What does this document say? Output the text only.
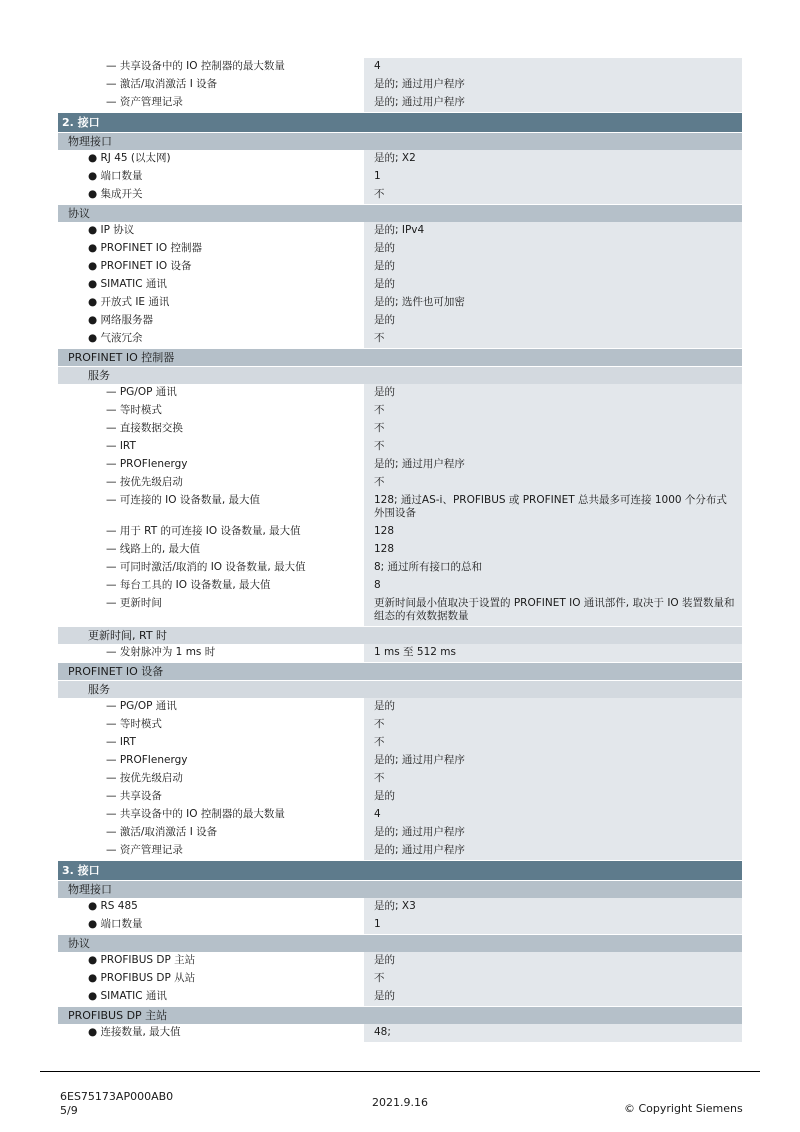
— 共享设备中的 IO 控制器的最大数量	4
— 激活/取消激活 I 设备	是的; 通过用户程序
— 资产管理记录	是的; 通过用户程序
2. 接口
物理接口
● RJ 45 (以太网)	是的; X2
● 端口数量	1
● 集成开关	不
协议
● IP 协议	是的; IPv4
● PROFINET IO 控制器	是的
● PROFINET IO 设备	是的
● SIMATIC 通讯	是的
● 开放式 IE 通讯	是的; 选件也可加密
● 网络服务器	是的
● 气液冗余	不
PROFINET IO 控制器
服务
— PG/OP 通讯	是的
— 等时模式	不
— 直接数据交换	不
— IRT	不
— PROFIenergy	是的; 通过用户程序
— 按优先级启动	不
— 可连接的 IO 设备数量, 最大值	128; 通过AS-i、PROFIBUS 或 PROFINET 总共最多可连接 1000 个分布式外围设备
— 用于 RT 的可连接 IO 设备数量, 最大值	128
— 线路上的, 最大值	128
— 可同时激活/取消的 IO 设备数量, 最大值	8; 通过所有接口的总和
— 每台工具的 IO 设备数量, 最大值	8
— 更新时间	更新时间最小值取决于设置的 PROFINET IO 通讯部件, 取决于 IO 装置数量和组态的有效数据数量
更新时间, RT 时
— 发射脉冲为 1 ms 时	1 ms 至 512 ms
PROFINET IO 设备
服务
— PG/OP 通讯	是的
— 等时模式	不
— IRT	不
— PROFIenergy	是的; 通过用户程序
— 按优先级启动	不
— 共享设备	是的
— 共享设备中的 IO 控制器的最大数量	4
— 激活/取消激活 I 设备	是的; 通过用户程序
— 资产管理记录	是的; 通过用户程序
3. 接口
物理接口
● RS 485	是的; X3
● 端口数量	1
协议
● PROFIBUS DP 主站	是的
● PROFIBUS DP 从站	不
● SIMATIC 通讯	是的
PROFIBUS DP 主站
● 连接数量, 最大值	48;
6ES75173AP000AB0
5/9
2021.9.16	© Copyright Siemens
